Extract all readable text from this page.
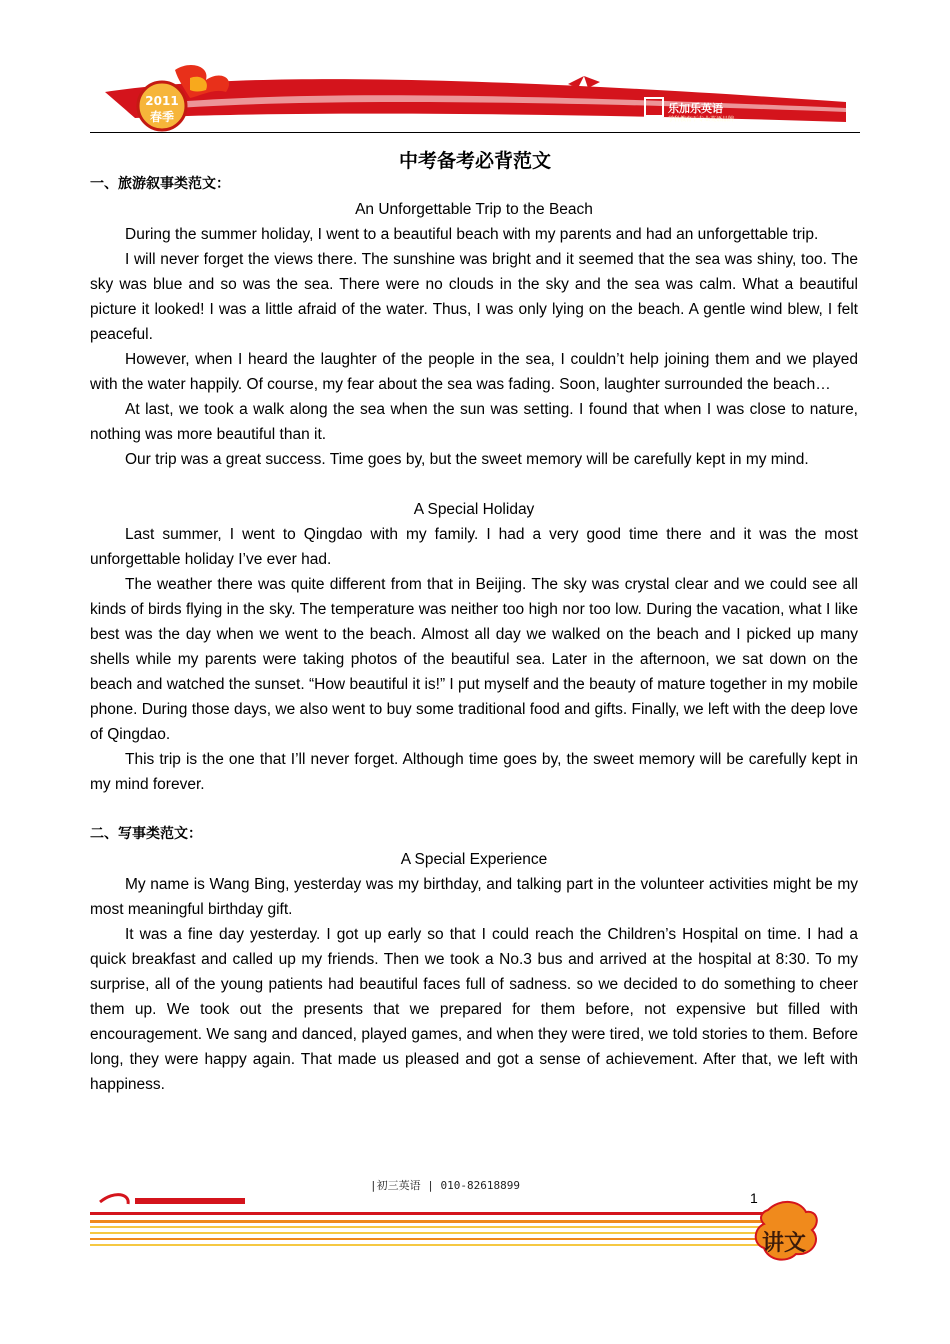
2011
春季
乐加乐英语
学科教育下专业英语品牌
中考备考必背范文
一、旅游叙事类范文：
An Unforgettable Trip to the Beach

During the summer holiday, I went to a beautiful beach with my parents and had an unforgettable trip.

I will never forget the views there. The sunshine was bright and it seemed that the sea was shiny, too. The sky was blue and so was the sea. There were no clouds in the sky and the sea was calm. What a beautiful picture it looked! I was a little afraid of the water. Thus, I was only lying on the beach. A gentle wind blew, I felt peaceful.

However, when I heard the laughter of the people in the sea, I couldn’t help joining them and we played with the water happily. Of course, my fear about the sea was fading. Soon, laughter surrounded the beach…

At last, we took a walk along the sea when the sun was setting. I found that when I was close to nature, nothing was more beautiful than it.

Our trip was a great success. Time goes by, but the sweet memory will be carefully kept in my mind.

A Special Holiday

Last summer, I went to Qingdao with my family. I had a very good time there and it was the most unforgettable holiday I’ve ever had.

The weather there was quite different from that in Beijing. The sky was crystal clear and we could see all kinds of birds flying in the sky. The temperature was neither too high nor too low. During the vacation, what I like best was the day when we went to the beach. Almost all day we walked on the beach and I picked up many shells while my parents were taking photos of the beautiful sea. Later in the afternoon, we sat down on the beach and watched the sunset. “How beautiful it is!” I put myself and the beauty of mature together in my mobile phone. During those days, we also went to buy some traditional food and gifts. Finally, we left with the deep love of Qingdao.

This trip is the one that I’ll never forget. Although time goes by, the sweet memory will be carefully kept in my mind forever.

二、写事类范文：
A Special Experience

My name is Wang Bing, yesterday was my birthday, and talking part in the volunteer activities might be my most meaningful birthday gift.

It was a fine day yesterday. I got up early so that I could reach the Children’s Hospital on time. I had a quick breakfast and called up my friends. Then we took a No.3 bus and arrived at the hospital at 8:30. To my surprise, all of the young patients had beautiful faces full of sadness. so we decided to do something to cheer them up. We took out the presents that we prepared for them before, not expensive but filled with encouragement. We sang and danced, played games, and when they were tired, we told stories to them. Before long, they were happy again. That made us pleased and got a sense of achievement. After that, we left with happiness.

|初三英语 | 010-82618899
1
讲文
